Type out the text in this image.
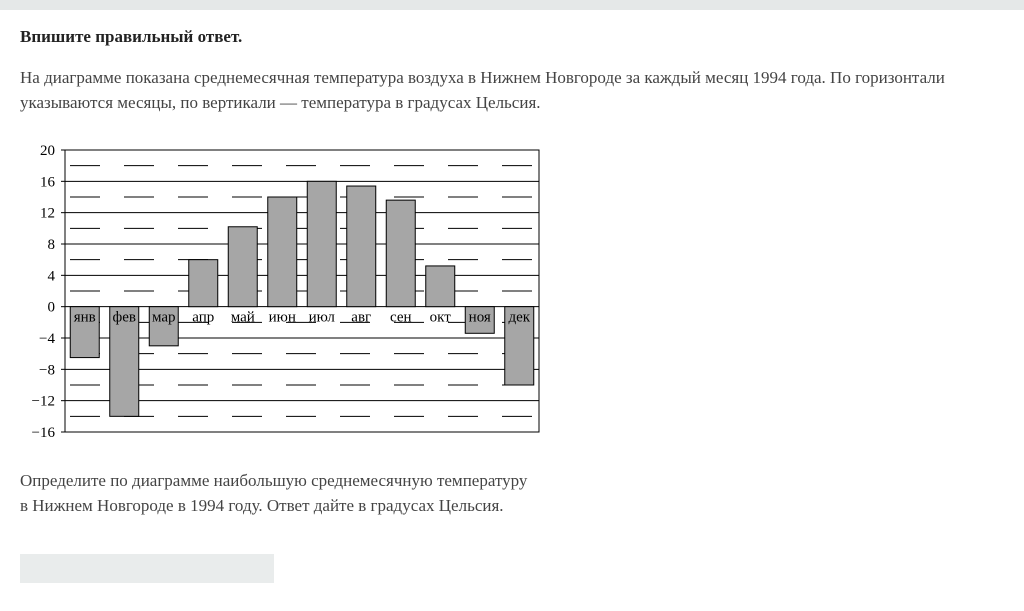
Впишите правильный ответ.
На диаграмме показана среднемесячная температура воздуха в Нижнем Новгороде за каждый месяц 1994 года. По горизонтали
указываются месяцы, по вертикали — температура в градусах Цельсия.
янв фев мар апр май июн июл авг сен окт ноя дек
20
16
12
8
4
0
−4
−8
−12
−16
Определите по диаграмме наибольшую среднемесячную температуру
в Нижнем Новгороде в 1994 году. Ответ дайте в градусах Цельсия.
